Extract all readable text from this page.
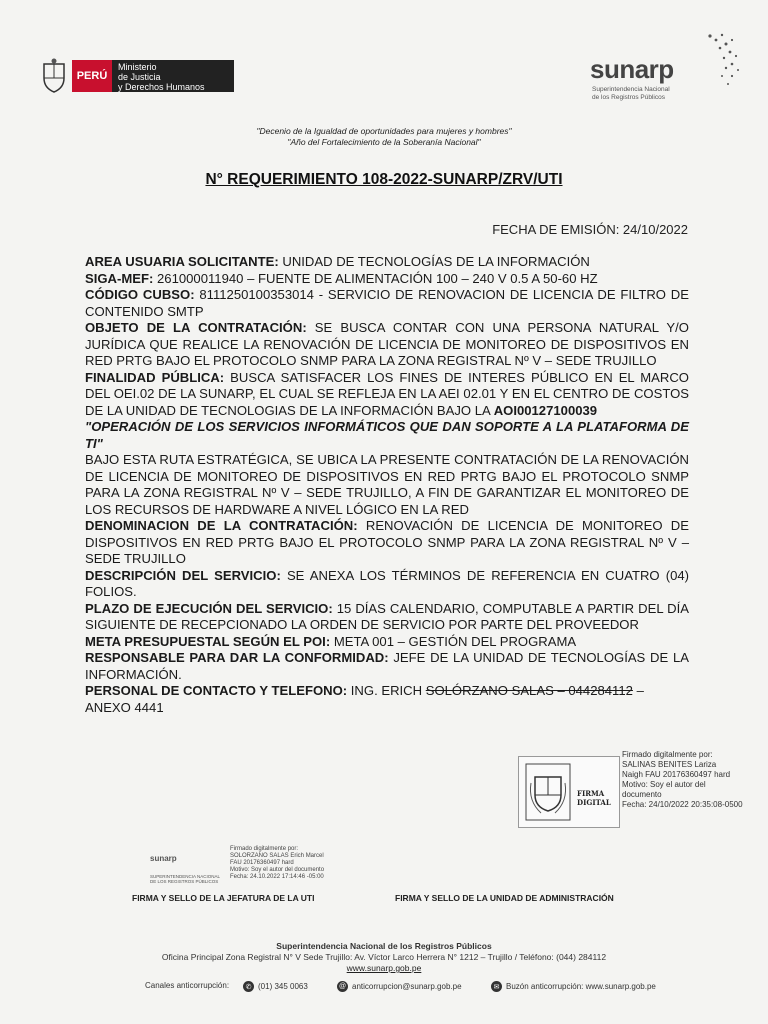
PERÚ
Ministerio
de Justicia
y Derechos Humanos
sunarp
Superintendencia Nacional
de los Registros Públicos
"Decenio de la Igualdad de oportunidades para mujeres y hombres"
"Año del Fortalecimiento de la Soberanía Nacional"
N° REQUERIMIENTO 108-2022-SUNARP/ZRV/UTI
FECHA DE EMISIÓN: 24/10/2022

AREA USUARIA SOLICITANTE: UNIDAD DE TECNOLOGÍAS DE LA INFORMACIÓN

SIGA-MEF: 261000011940 – FUENTE DE ALIMENTACIÓN 100 – 240 V 0.5 A 50-60 HZ

CÓDIGO CUBSO: 8111250100353014 - SERVICIO DE RENOVACION DE LICENCIA DE FILTRO DE CONTENIDO SMTP

OBJETO DE LA CONTRATACIÓN: SE BUSCA CONTAR CON UNA PERSONA NATURAL Y/O JURÍDICA QUE REALICE LA RENOVACIÓN DE LICENCIA DE MONITOREO DE DISPOSITIVOS EN RED PRTG BAJO EL PROTOCOLO SNMP PARA LA ZONA REGISTRAL Nº V – SEDE TRUJILLO

FINALIDAD PÚBLICA: BUSCA SATISFACER LOS FINES DE INTERES PÚBLICO EN EL MARCO DEL OEI.02 DE LA SUNARP, EL CUAL SE REFLEJA EN LA AEI 02.01 Y EN EL CENTRO DE COSTOS DE LA UNIDAD DE TECNOLOGIAS DE LA INFORMACIÓN BAJO LA AOI00127100039

"OPERACIÓN DE LOS SERVICIOS INFORMÁTICOS QUE DAN SOPORTE A LA PLATAFORMA DE TI"

BAJO ESTA RUTA ESTRATÉGICA, SE UBICA LA PRESENTE CONTRATACIÓN DE LA RENOVACIÓN DE LICENCIA DE MONITOREO DE DISPOSITIVOS EN RED PRTG BAJO EL PROTOCOLO SNMP PARA LA ZONA REGISTRAL Nº V – SEDE TRUJILLO, A FIN DE GARANTIZAR EL MONITOREO DE LOS RECURSOS DE HARDWARE A NIVEL LÓGICO EN LA RED

DENOMINACION DE LA CONTRATACIÓN: RENOVACIÓN DE LICENCIA DE MONITOREO DE DISPOSITIVOS EN RED PRTG BAJO EL PROTOCOLO SNMP PARA LA ZONA REGISTRAL Nº V – SEDE TRUJILLO

DESCRIPCIÓN DEL SERVICIO: SE ANEXA LOS TÉRMINOS DE REFERENCIA EN CUATRO (04) FOLIOS.

PLAZO DE EJECUCIÓN DEL SERVICIO: 15 DÍAS CALENDARIO, COMPUTABLE A PARTIR DEL DÍA SIGUIENTE DE RECEPCIONADO LA ORDEN DE SERVICIO POR PARTE DEL PROVEEDOR

META PRESUPUESTAL SEGÚN EL POI: META 001 – GESTIÓN DEL PROGRAMA

RESPONSABLE PARA DAR LA CONFORMIDAD: JEFE DE LA UNIDAD DE TECNOLOGÍAS DE LA INFORMACIÓN.

PERSONAL DE CONTACTO Y TELEFONO: ING. ERICH SOLÓRZANO SALAS – 044284112 – ANEXO 4441

FIRMA DIGITAL
Firmado digitalmente por:
SALINAS BENITES Lariza
Naigh FAU 20176360497 hard
Motivo: Soy el autor del
documento
Fecha: 24/10/2022 20:35:08-0500
sunarp
SUPERINTENDENCIA NACIONAL DE LOS REGISTROS PÚBLICOS
Firmado digitalmente por:
SOLORZANO SALAS Erich Marcel
FAU 20176360497 hard
Motivo: Soy el autor del documento
Fecha: 24.10.2022 17:14:46 -05:00
FIRMA Y SELLO DE LA JEFATURA DE LA UTI	FIRMA Y SELLO DE LA UNIDAD DE ADMINISTRACIÓN
Superintendencia Nacional de los Registros Públicos
Oficina Principal Zona Registral N° V Sede Trujillo: Av. Víctor Larco Herrera N° 1212 – Trujillo / Teléfono: (044) 284112
www.sunarp.gob.pe
Canales anticorrupción:	✆ (01) 345 0063	@ anticorrupcion@sunarp.gob.pe	✉ Buzón anticorrupción: www.sunarp.gob.pe
